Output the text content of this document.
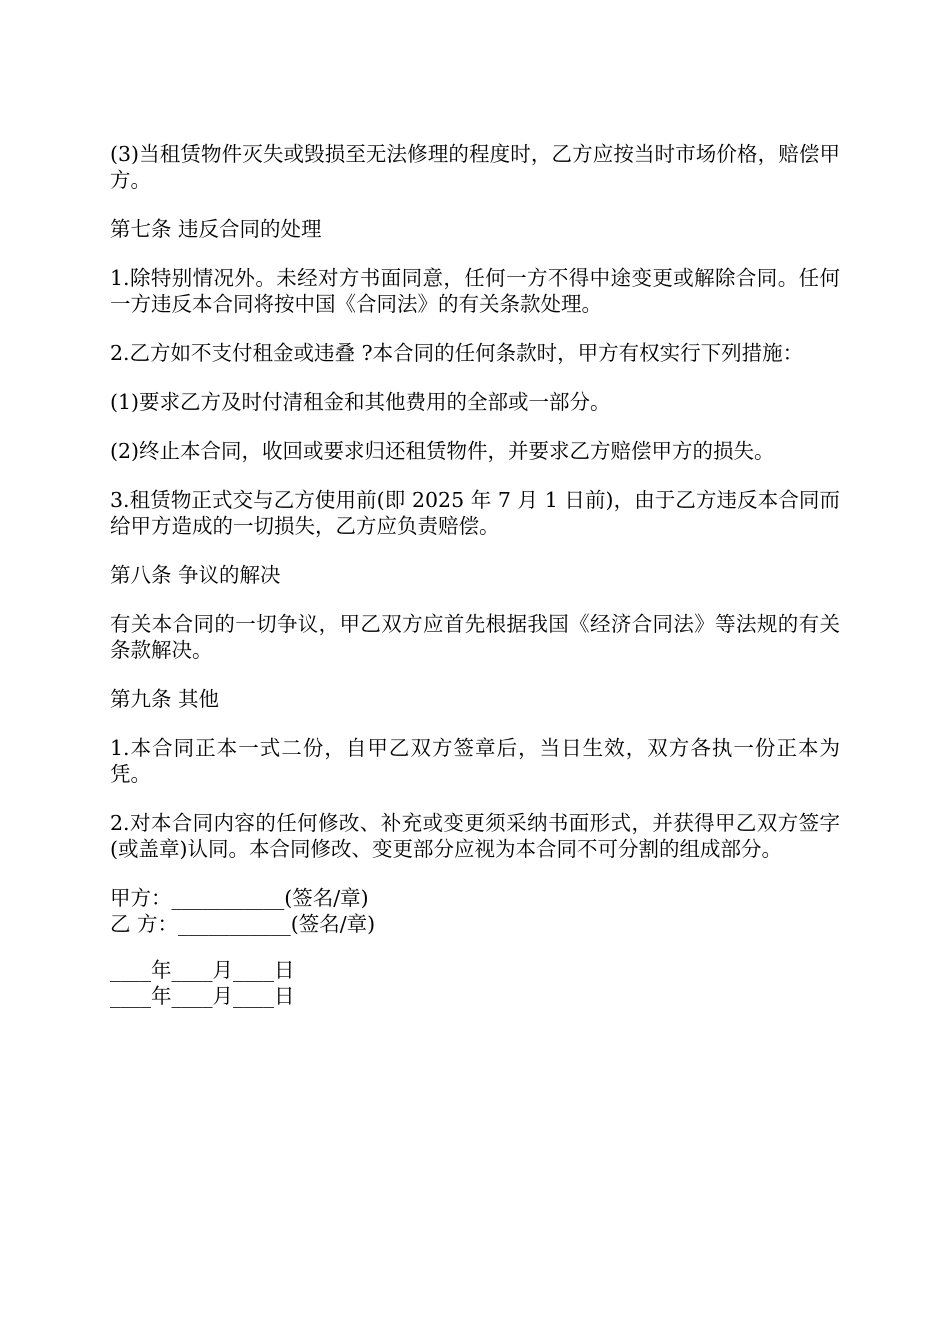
(3)当租赁物件灭失或毁损至无法修理的程度时，乙方应按当时市场价格，赔偿甲方。

第七条 违反合同的处理

1.除特别情况外。未经对方书面同意，任何一方不得中途变更或解除合同。任何一方违反本合同将按中国《合同法》的有关条款处理。

2.乙方如不支付租金或违叠 ?本合同的任何条款时，甲方有权实行下列措施：

(1)要求乙方及时付清租金和其他费用的全部或一部分。

(2)终止本合同，收回或要求归还租赁物件，并要求乙方赔偿甲方的损失。

3.租赁物正式交与乙方使用前(即 2025 年 7 月 1 日前)，由于乙方违反本合同而给甲方造成的一切损失，乙方应负责赔偿。

第八条 争议的解决

有关本合同的一切争议，甲乙双方应首先根据我国《经济合同法》等法规的有关条款解决。

第九条 其他

1.本合同正本一式二份，自甲乙双方签章后，当日生效，双方各执一份正本为凭。

2.对本合同内容的任何修改、补充或变更须采纳书面形式，并获得甲乙双方签字(或盖章)认同。本合同修改、变更部分应视为本合同不可分割的组成部分。

甲方：___________(签名/章)

乙 方：___________(签名/章)

____年____月____日

____年____月____日
